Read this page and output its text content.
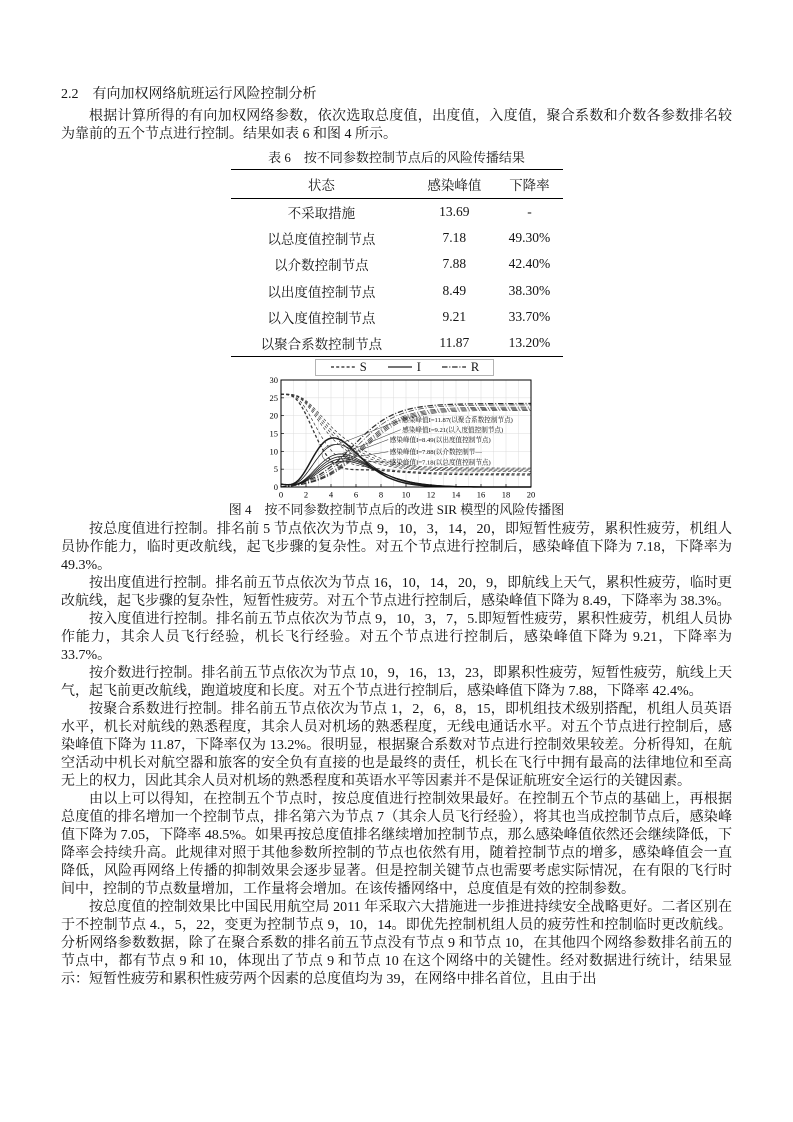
2.2　有向加权网络航班运行风险控制分析

根据计算所得的有向加权网络参数，依次选取总度值，出度值，入度值，聚合系数和介数各参数排名较为靠前的五个节点进行控制。结果如表 6 和图 4 所示。

表 6　按不同参数控制节点后的风险传播结果
状态	感染峰值	下降率
不采取措施	13.69	-
以总度值控制节点	7.18	49.30%
以介数控制节点	7.88	42.40%
以出度值控制节点	8.49	38.30%
以入度值控制节点	9.21	33.70%
以聚合系数控制节点	11.87	13.20%
S	I	R
感染峰值I=11.87(以聚合系数控制节点)
感染峰值I=9.21(以入度值控制节点)
感染峰值I=8.49(以出度值控制节点)
感染峰值I=7.88(以介数控制节—
感染峰值I=7.18(以总度值控制节点)
0 2 4 6 8 10 12 14 16 18 20
0
5
10
15
20
25
30
图 4　按不同参数控制节点后的改进 SIR 模型的风险传播图

按总度值进行控制。排名前 5 节点依次为节点 9，10，3，14，20，即短暂性疲劳，累积性疲劳，机组人员协作能力，临时更改航线，起飞步骤的复杂性。对五个节点进行控制后，感染峰值下降为 7.18，下降率为 49.3%。

按出度值进行控制。排名前五节点依次为节点 16，10，14，20，9，即航线上天气，累积性疲劳，临时更改航线，起飞步骤的复杂性，短暂性疲劳。对五个节点进行控制后，感染峰值下降为 8.49，下降率为 38.3%。

按入度值进行控制。排名前五节点依次为节点 9，10，3，7，5.即短暂性疲劳，累积性疲劳，机组人员协作能力，其余人员飞行经验，机长飞行经验。对五个节点进行控制后，感染峰值下降为 9.21，下降率为 33.7%。

按介数进行控制。排名前五节点依次为节点 10，9，16，13，23，即累积性疲劳，短暂性疲劳，航线上天气，起飞前更改航线，跑道坡度和长度。对五个节点进行控制后，感染峰值下降为 7.88，下降率 42.4%。

按聚合系数进行控制。排名前五节点依次为节点 1，2，6，8，15，即机组技术级别搭配，机组人员英语水平，机长对航线的熟悉程度，其余人员对机场的熟悉程度，无线电通话水平。对五个节点进行控制后，感染峰值下降为 11.87，下降率仅为 13.2%。很明显，根据聚合系数对节点进行控制效果较差。分析得知，在航空活动中机长对航空器和旅客的安全负有直接的也是最终的责任，机长在飞行中拥有最高的法律地位和至高无上的权力，因此其余人员对机场的熟悉程度和英语水平等因素并不是保证航班安全运行的关键因素。

由以上可以得知，在控制五个节点时，按总度值进行控制效果最好。在控制五个节点的基础上，再根据总度值的排名增加一个控制节点，排名第六为节点 7（其余人员飞行经验），将其也当成控制节点后，感染峰值下降为 7.05，下降率 48.5%。如果再按总度值排名继续增加控制节点，那么感染峰值依然还会继续降低，下降率会持续升高。此规律对照于其他参数所控制的节点也依然有用，随着控制节点的增多，感染峰值会一直降低，风险再网络上传播的抑制效果会逐步显著。但是控制关键节点也需要考虑实际情况，在有限的飞行时间中，控制的节点数量增加，工作量将会增加。在该传播网络中，总度值是有效的控制参数。

按总度值的控制效果比中国民用航空局 2011 年采取六大措施进一步推进持续安全战略更好。二者区别在于不控制节点 4.，5，22，变更为控制节点 9，10，14。即优先控制机组人员的疲劳性和控制临时更改航线。分析网络参数数据，除了在聚合系数的排名前五节点没有节点 9 和节点 10，在其他四个网络参数排名前五的节点中，都有节点 9 和 10，体现出了节点 9 和节点 10 在这个网络中的关键性。经对数据进行统计，结果显示：短暂性疲劳和累积性疲劳两个因素的总度值均为 39，在网络中排名首位，且由于出
